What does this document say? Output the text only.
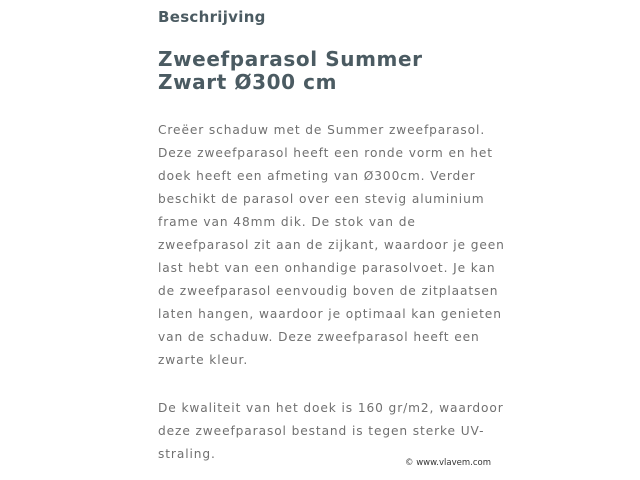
Beschrijving
Zweefparasol Summer
Zwart Ø300 cm
Creëer schaduw met de Summer zweefparasol.
Deze zweefparasol heeft een ronde vorm en het
doek heeft een afmeting van Ø300cm. Verder
beschikt de parasol over een stevig aluminium
frame van 48mm dik. De stok van de
zweefparasol zit aan de zijkant, waardoor je geen
last hebt van een onhandige parasolvoet. Je kan
de zweefparasol eenvoudig boven de zitplaatsen
laten hangen, waardoor je optimaal kan genieten
van de schaduw. Deze zweefparasol heeft een
zwarte kleur.
De kwaliteit van het doek is 160 gr/m2, waardoor
deze zweefparasol bestand is tegen sterke UV-
straling.
© www.vlavem.com
